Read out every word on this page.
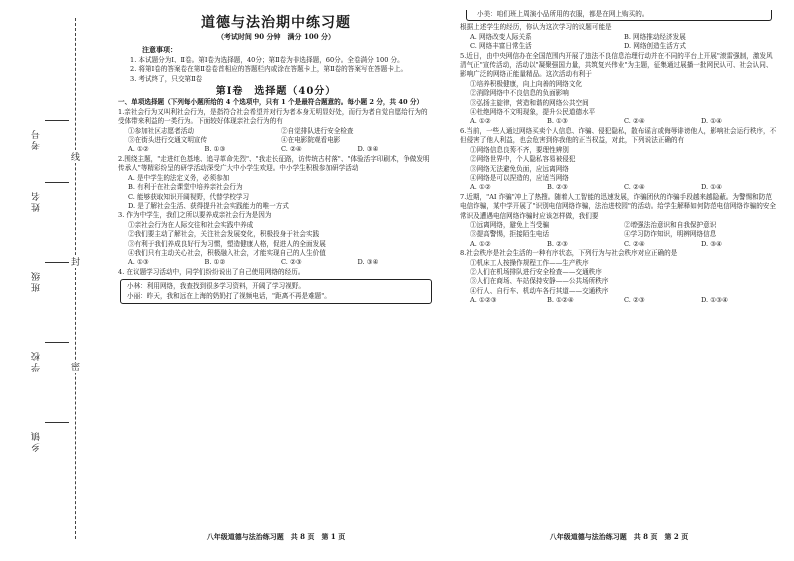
考号
姓名
班级
学校
乡镇
线
封
密
道德与法治期中练习题
（考试时间 90 分钟　满分 100 分）
注意事项：

1. 本试题分为Ⅰ、Ⅱ卷。第Ⅰ卷为选择题，40分；第Ⅱ卷为非选择题，60分。全卷满分 100 分。

2. 将第Ⅰ卷的答案卷在第Ⅱ卷卷首相应的答题栏内或涂在答题卡上，第Ⅱ卷的答案写在答题卡上。

3. 考试终了，只交第Ⅱ卷

第Ⅰ卷　选择题（40分）

一、单项选择题（下列每小题所给的 4 个选项中，只有 1 个是最符合题意的。每小题 2 分，共 40 分）

1.亲社会行为又叫利社会行为，是指符合社会希望并对行为者本身无明显好处，而行为者自觉自愿给行为的受体带来利益的一类行为。下面较好体现亲社会行为的有

①参加社区志愿者活动	②自觉排队进行安全检查
③在街头进行交通文明宣传	④在电影院观看电影
A. ①②	B. ①③	C. ②④	D. ③④

2.围绕主题，"走进红色基地、追寻革命先烈"、"我走长征路，访传统古村落"、"体验活字印刷术，争做发明传承人"等精彩纷呈的研学活动深受广大中小学生欢迎。中小学生积极参加研学活动

A. 是中学生的法定义务，必须参加

B. 有利于在社会课堂中培养亲社会行为

C. 能够获取知识开阔视野，代替学校学习

D. 是了解社会生活、获得提升社会实践能力的唯一方式

3. 作为中学生，我们之所以要养成亲社会行为是因为

①亲社会行为在人际交往和社会实践中养成

②我们要主动了解社会，关注社会发展变化，积极投身于社会实践

③有利于我们养成良好行为习惯，塑造健康人格，促进人的全面发展

④我们只有主动关心社会，积极融入社会，才能实现自己的人生价值

A. ①③	B. ①②	C. ②③	D. ③④

4. 在议题学习活动中，同学们纷纷说出了自己使用网络的经历。

小林：利用网络，我查找到很多学习资料，开阔了学习视野。

小丽：昨天，我和远在上海的奶奶打了视频电话，"距离不再是难题"。

八年级道德与法治练习题　共 8 页　第 1 页

小美：咱们班上周演小品所用的衣服，都是在网上购买的。

根据上述学生的经历，你认为这次学习的议题可能是

A. 网络改变人际关系	B. 网络推动经济发展
C. 网络丰富日常生活	D. 网络创造生活方式

5.近日，由中央网信办在全国范围内开展了违法不良信息治理行动并在不同的平台上开展"滚雷强制，激发风清气正"宣传活动，活动以"凝聚强国力量，共筑复兴伟业"为主题，征集通过展播一批网民认可、社会认同、影响广泛的网络正能量精品。这次活动有利于

①培养积极健康，向上向善的网络文化

②消除网络中不良信息的负面影响

③弘扬主旋律，营造和谐的网络公共空间

④杜绝网络不文明现象，提升公民道德水平

A. ①②	B. ①③	C. ②④	D. ①④

6.当前，一些人通过网络买卖个人信息、诈骗、侵犯隐私，散布谣言或侮辱诽谤他人，影响社会运行秩序，不但侵害了他人利益，也会危害到你我他的正当权益，对此，下列说法正确的有

①网络信息良莠不齐，要理性辨别

②网络世界中，个人隐私容易被侵犯

③网络无法避免负面，应远离网络

④网络是可以捏造的，应适当网络

A. ①②	B. ②③	C. ②④	D. ①④

7.近期，"AI 诈骗"冲上了热搜。随着人工智能的迅速发展，诈骗团伙的诈骗手段越来越隐蔽。为警惕和防范电信诈骗，某中学开展了"识别电信网络诈骗，法治进校园"的活动。给学生解释如何防范电信网络诈骗的安全常识及遭遇电信网络诈骗时应该怎样做，我们要

①远离网络，避免上当受骗	②增强法治意识和自我保护意识
③提高警惕，拒接陌生电话	④学习防诈知识，明辨网络信息
A. ①②	B. ②③	C. ②④	D. ③④

8.社会秩序是社会生活的一种有序状态，下列行为与社会秩序对应正确的是

①机床工人按操作规程工作——生产秩序

②人们在机场排队进行安全检查——交通秩序

③人们在商场、车站保持安静——公共场所秩序

④行人、自行车、机动车各行其道——交通秩序

A. ①②③	B. ①②④	C. ②③	D. ①③④
八年级道德与法治练习题　共 8 页　第 2 页
